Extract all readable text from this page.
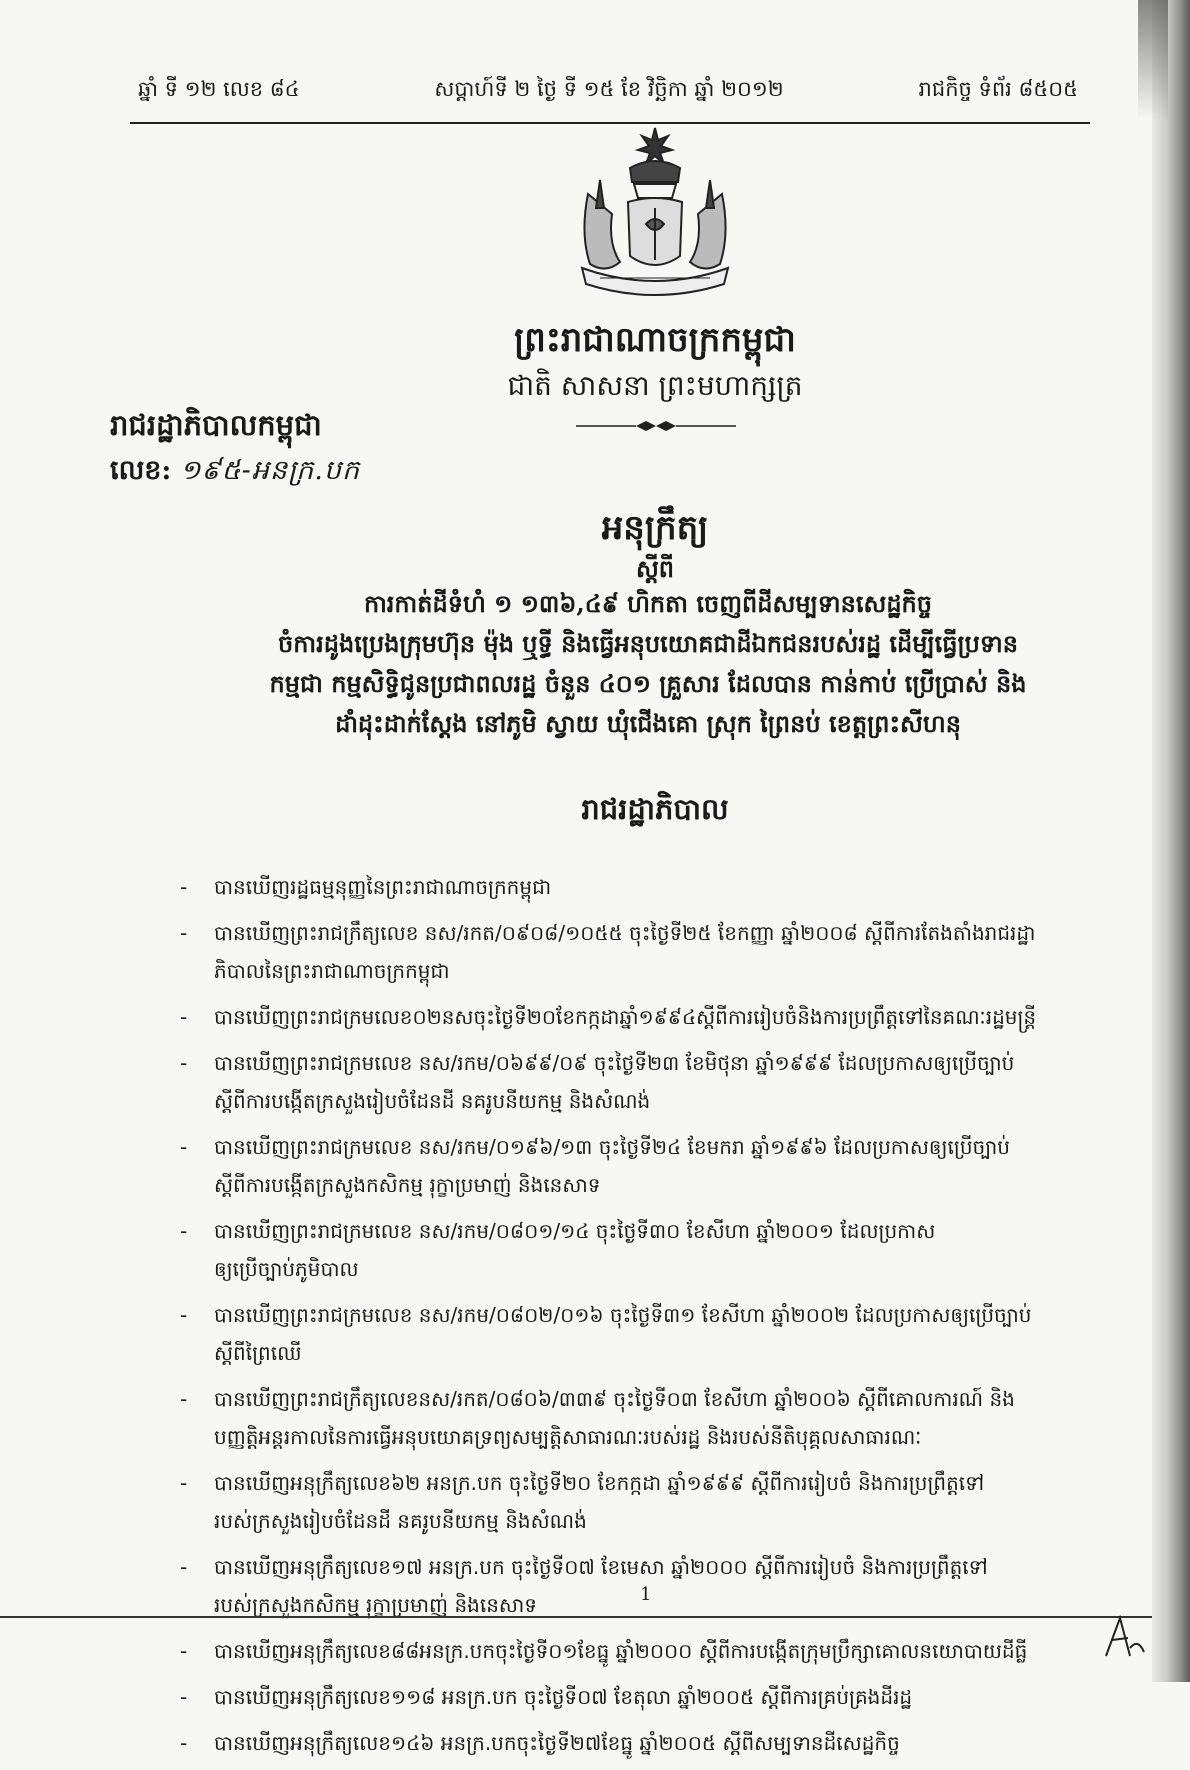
ឆ្នាំ ទី ១២ លេខ ៨៤	សប្ដាហ៍ទី ២ ថ្ងៃ ទី ១៥ ខែ វិច្ឆិកា ឆ្នាំ ២០១២	រាជកិច្ច ទំព័រ ៨៥០៥
ព្រះរាជាណាចក្រកម្ពុជា
ជាតិ សាសនា ព្រះមហាក្សត្រ
រាជរដ្ឋាភិបាលកម្ពុជា
លេខ: ១៩៥-អនក្រ.បក
អនុក្រឹត្យ
ស្ដីពី
ការកាត់ដីទំហំ ១ ១៣៦,៤៩ ហិកតា ចេញពីដីសម្បទានសេដ្ឋកិច្ច
ចំការដូងប្រេងក្រុមហ៊ុន ម៉ុង ឬទ្ធី និងធ្វើអនុបយោគជាដីឯកជនរបស់រដ្ឋ ដើម្បីធ្វើប្រទាន
កម្មជា កម្មសិទ្ធិជូនប្រជាពលរដ្ឋ ចំនួន ៤០១ គ្រួសារ ដែលបាន កាន់កាប់ ប្រើប្រាស់ និង
ដាំដុះដាក់ស្ដែង នៅភូមិ ស្វាយ ឃុំជើងគោ ស្រុក ព្រៃនប់ ខេត្តព្រះសីហនុ
រាជរដ្ឋាភិបាល
- បានឃើញរដ្ឋធម្មនុញ្ញនៃព្រះរាជាណាចក្រកម្ពុជា
- បានឃើញព្រះរាជក្រឹត្យលេខ នស/រកត/០៩០៨/១០៥៥ ចុះថ្ងៃទី២៥ ខែកញ្ញា ឆ្នាំ២០០៨ ស្ដីពីការតែងតាំងរាជរដ្ឋា
ភិបាលនៃព្រះរាជាណាចក្រកម្ពុជា
- បានឃើញព្រះរាជក្រមលេខ០២នសចុះថ្ងៃទី២០ខែកក្កដាឆ្នាំ១៩៩៤ស្ដីពីការរៀបចំនិងការប្រព្រឹត្តទៅនៃគណៈរដ្ឋមន្ដ្រី
- បានឃើញព្រះរាជក្រមលេខ នស/រកម/០៦៩៩/០៩ ចុះថ្ងៃទី២៣ ខែមិថុនា ឆ្នាំ១៩៩៩ ដែលប្រកាសឲ្យប្រើច្បាប់
ស្ដីពីការបង្កើតក្រសួងរៀបចំដែនដី នគរូបនីយកម្ម និងសំណង់
- បានឃើញព្រះរាជក្រមលេខ នស/រកម/០១៩៦/១៣ ចុះថ្ងៃទី២៤ ខែមករា ឆ្នាំ១៩៩៦ ដែលប្រកាសឲ្យប្រើច្បាប់
ស្ដីពីការបង្កើតក្រសួងកសិកម្ម រុក្ខាប្រមាញ់ និងនេសាទ
- បានឃើញព្រះរាជក្រមលេខ នស/រកម/០៨០១/១៤ ចុះថ្ងៃទី៣០ ខែសីហា ឆ្នាំ២០០១ ដែលប្រកាស
ឲ្យប្រើច្បាប់ភូមិបាល
- បានឃើញព្រះរាជក្រមលេខ នស/រកម/០៨០២/០១៦ ចុះថ្ងៃទី៣១ ខែសីហា ឆ្នាំ២០០២ ដែលប្រកាសឲ្យប្រើច្បាប់
ស្ដីពីព្រៃឈើ
- បានឃើញព្រះរាជក្រឹត្យលេខនស/រកត/០៨០៦/៣៣៩ ចុះថ្ងៃទី០៣ ខែសីហា ឆ្នាំ២០០៦ ស្ដីពីគោលការណ៍ និង
បញ្ញត្តិអន្ដរកាលនៃការធ្វើអនុបយោគទ្រព្យសម្បត្តិសាធារណៈរបស់រដ្ឋ និងរបស់នីតិបុគ្គលសាធារណៈ
- បានឃើញអនុក្រឹត្យលេខ៦២ អនក្រ.បក ចុះថ្ងៃទី២០ ខែកក្កដា ឆ្នាំ១៩៩៩ ស្ដីពីការរៀបចំ និងការប្រព្រឹត្តទៅ
របស់ក្រសួងរៀបចំដែនដី នគរូបនីយកម្ម និងសំណង់
- បានឃើញអនុក្រឹត្យលេខ១៧ អនក្រ.បក ចុះថ្ងៃទី០៧ ខែមេសា ឆ្នាំ២០០០ ស្ដីពីការរៀបចំ និងការប្រព្រឹត្តទៅ
របស់ក្រសួងកសិកម្ម រុក្ខាប្រមាញ់ និងនេសាទ
- បានឃើញអនុក្រឹត្យលេខ៨៨អនក្រ.បកចុះថ្ងៃទី០១ខែធ្នូ ឆ្នាំ២០០០ ស្ដីពីការបង្កើតក្រុមប្រឹក្សាគោលនយោបាយដីធ្លី
- បានឃើញអនុក្រឹត្យលេខ១១៨ អនក្រ.បក ចុះថ្ងៃទី០៧ ខែតុលា ឆ្នាំ២០០៥ ស្ដីពីការគ្រប់គ្រងដីរដ្ឋ
- បានឃើញអនុក្រឹត្យលេខ១៤៦ អនក្រ.បកចុះថ្ងៃទី២៧ខែធ្នូ ឆ្នាំ២០០៥ ស្ដីពីសម្បទានដីសេដ្ឋកិច្ច
1
